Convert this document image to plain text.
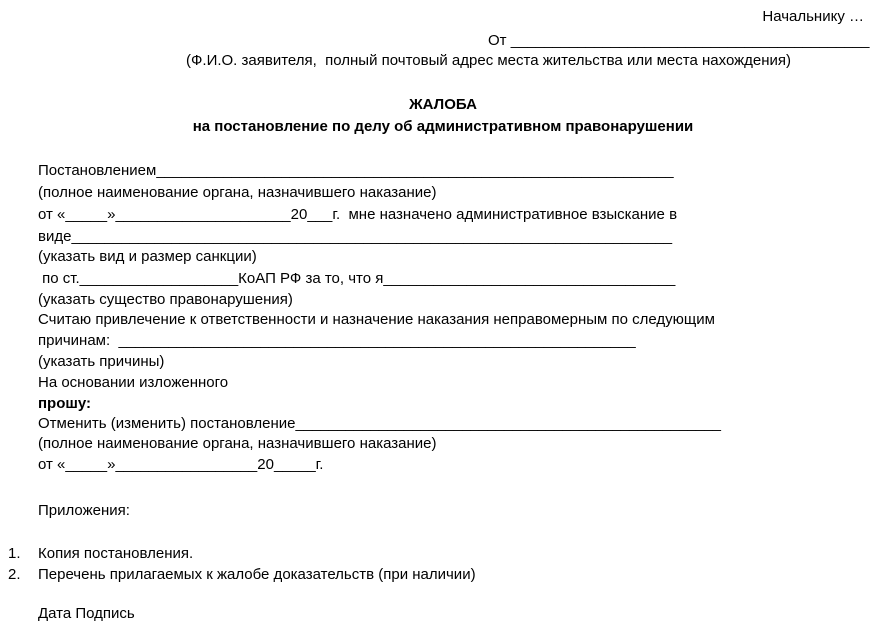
Начальнику …
От ___________________________________________
(Ф.И.О. заявителя,  полный почтовый адрес места жительства или места нахождения)
ЖАЛОБА
на постановление по делу об административном правонарушении
Постановлением______________________________________________________________
(полное наименование органа, назначившего наказание)
от «_____»_____________________20___г.  мне назначено административное взыскание в
виде________________________________________________________________________
(указать вид и размер санкции)
по ст.___________________КоАП РФ за то, что я___________________________________
(указать существо правонарушения)
Считаю привлечение к ответственности и назначение наказания неправомерным по следующим
причинам:  ______________________________________________________________
(указать причины)
На основании изложенного
прошу:
Отменить (изменить) постановление___________________________________________________
(полное наименование органа, назначившего наказание)
от «_____»_________________20_____г.
Приложения:
1. Копия постановления.
2. Перечень прилагаемых к жалобе доказательств (при наличии)
Дата Подпись
